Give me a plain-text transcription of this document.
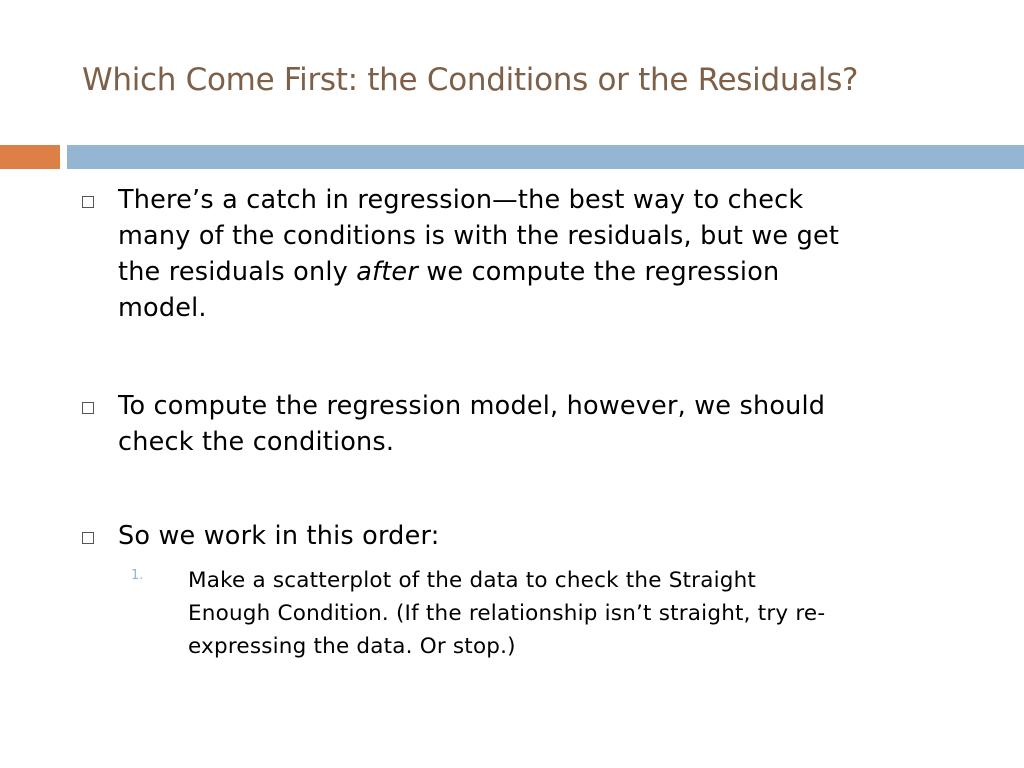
Which Come First: the Conditions or the Residuals?
There’s a catch in regression—the best way to check
many of the conditions is with the residuals, but we get
the residuals only after we compute the regression
model.
To compute the regression model, however, we should
check the conditions.
So we work in this order:
1. Make a scatterplot of the data to check the Straight
Enough Condition. (If the relationship isn’t straight, try re-
expressing the data. Or stop.)
